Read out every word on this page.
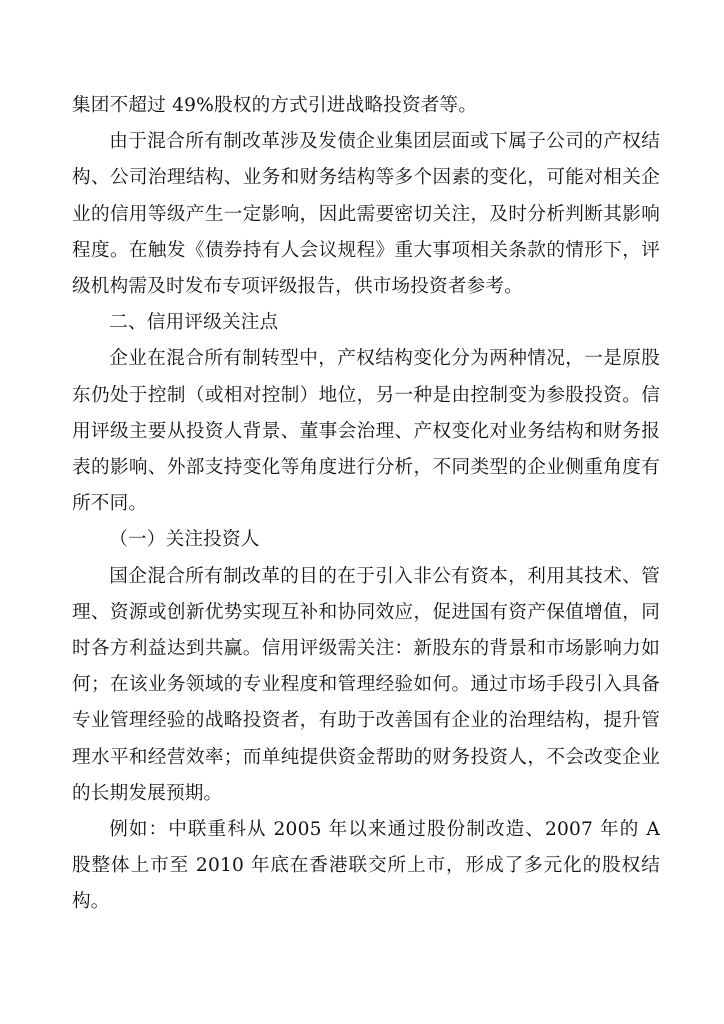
集团不超过 49%股权的方式引进战略投资者等。

由于混合所有制改革涉及发债企业集团层面或下属子公司的产权结构、公司治理结构、业务和财务结构等多个因素的变化，可能对相关企业的信用等级产生一定影响，因此需要密切关注，及时分析判断其影响程度。在触发《债券持有人会议规程》重大事项相关条款的情形下，评级机构需及时发布专项评级报告，供市场投资者参考。

二、信用评级关注点

企业在混合所有制转型中，产权结构变化分为两种情况，一是原股东仍处于控制（或相对控制）地位，另一种是由控制变为参股投资。信用评级主要从投资人背景、董事会治理、产权变化对业务结构和财务报表的影响、外部支持变化等角度进行分析，不同类型的企业侧重角度有所不同。

（一）关注投资人

国企混合所有制改革的目的在于引入非公有资本，利用其技术、管理、资源或创新优势实现互补和协同效应，促进国有资产保值增值，同时各方利益达到共赢。信用评级需关注：新股东的背景和市场影响力如何；在该业务领域的专业程度和管理经验如何。通过市场手段引入具备专业管理经验的战略投资者，有助于改善国有企业的治理结构，提升管理水平和经营效率；而单纯提供资金帮助的财务投资人，不会改变企业的长期发展预期。

例如：中联重科从 2005 年以来通过股份制改造、2007 年的 A 股整体上市至 2010 年底在香港联交所上市，形成了多元化的股权结构。
